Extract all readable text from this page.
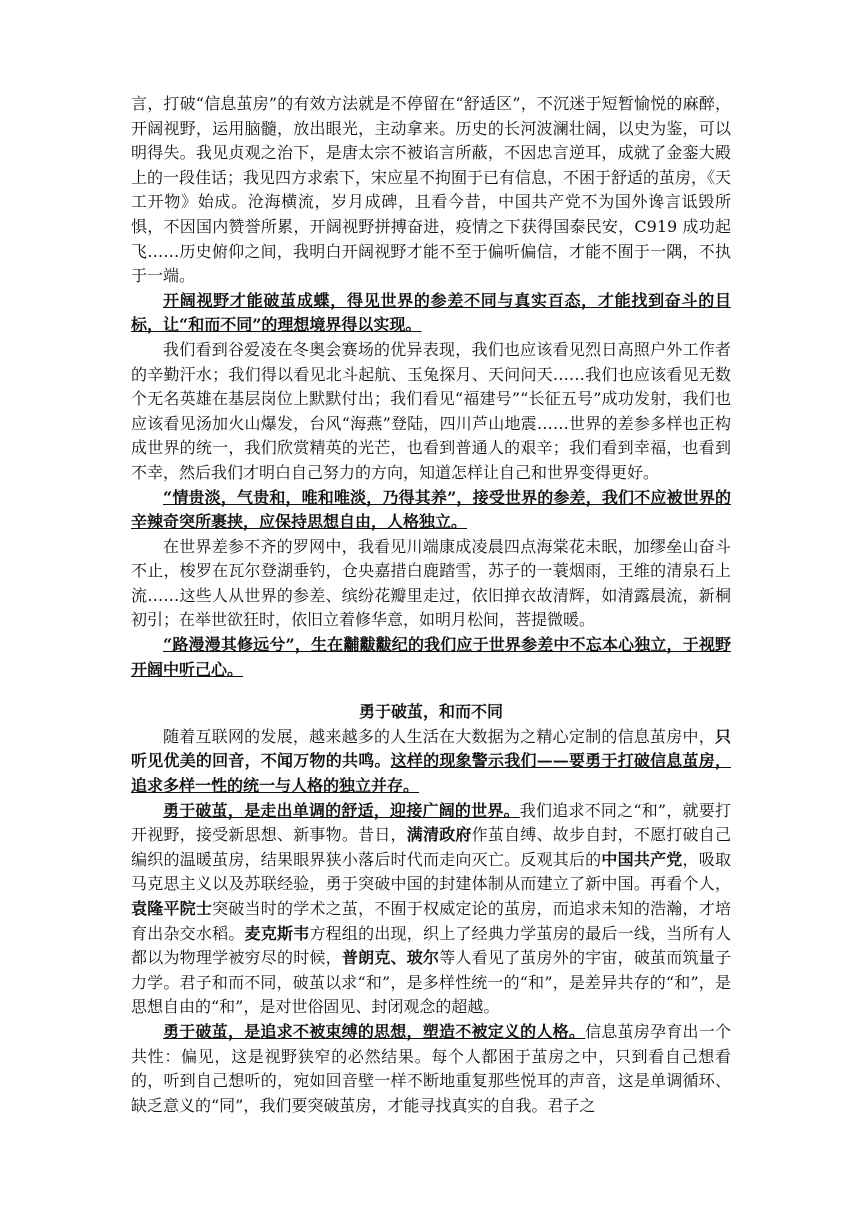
言，打破“信息茧房”的有效方法就是不停留在“舒适区”，不沉迷于短暂愉悦的麻醉，开阔视野，运用脑髓，放出眼光，主动拿来。历史的长河波澜壮阔，以史为鉴，可以明得失。我见贞观之治下，是唐太宗不被谄言所蔽，不因忠言逆耳，成就了金銮大殿上的一段佳话；我见四方求索下，宋应星不拘囿于已有信息，不困于舒适的茧房，《天工开物》始成。沧海横流，岁月成碑，且看今昔，中国共产党不为国外谗言诋毁所惧，不因国内赞誉所累，开阔视野拼搏奋进，疫情之下获得国泰民安，C919 成功起飞……历史俯仰之间，我明白开阔视野才能不至于偏听偏信，才能不囿于一隅，不执于一端。

开阔视野才能破茧成蝶，得见世界的参差不同与真实百态，才能找到奋斗的目标，让“和而不同”的理想境界得以实现。

我们看到谷爱凌在冬奥会赛场的优异表现，我们也应该看见烈日高照户外工作者的辛勤汗水；我们得以看见北斗起航、玉兔探月、天问问天……我们也应该看见无数个无名英雄在基层岗位上默默付出；我们看见“福建号”“长征五号”成功发射，我们也应该看见汤加火山爆发，台风“海燕”登陆，四川芦山地震……世界的差参多样也正构成世界的统一，我们欣赏精英的光芒，也看到普通人的艰辛；我们看到幸福，也看到不幸，然后我们才明白自己努力的方向，知道怎样让自己和世界变得更好。

“情贵淡，气贵和，唯和唯淡，乃得其养”，接受世界的参差，我们不应被世界的辛辣奇突所裹挟，应保持思想自由，人格独立。

在世界差参不齐的罗网中，我看见川端康成凌晨四点海棠花未眠，加缪垒山奋斗不止，梭罗在瓦尔登湖垂钓，仓央嘉措白鹿踏雪，苏子的一蓑烟雨，王维的清泉石上流……这些人从世界的参差、缤纷花瓣里走过，依旧掸衣故清辉，如清露晨流，新桐初引；在举世欲狂时，依旧立着修华意，如明月松间，菩提微暖。

“路漫漫其修远兮”，生在黼黻黻纪的我们应于世界参差中不忘本心独立，于视野开阔中听己心。

勇于破茧，和而不同

随着互联网的发展，越来越多的人生活在大数据为之精心定制的信息茧房中，只听见优美的回音，不闻万物的共鸣。这样的现象警示我们——要勇于打破信息茧房，追求多样一性的统一与人格的独立并存。

勇于破茧，是走出单调的舒适，迎接广阔的世界。我们追求不同之“和”，就要打开视野，接受新思想、新事物。昔日，满清政府作茧自缚、故步自封，不愿打破自己编织的温暖茧房，结果眼界狭小落后时代而走向灭亡。反观其后的中国共产党，吸取马克思主义以及苏联经验，勇于突破中国的封建体制从而建立了新中国。再看个人，袁隆平院士突破当时的学术之茧，不囿于权威定论的茧房，而追求未知的浩瀚，才培育出杂交水稻。麦克斯韦方程组的出现，织上了经典力学茧房的最后一线，当所有人都以为物理学被穷尽的时候，普朗克、玻尔等人看见了茧房外的宇宙，破茧而筑量子力学。君子和而不同，破茧以求“和”，是多样性统一的“和”，是差异共存的“和”，是思想自由的“和”，是对世俗固见、封闭观念的超越。

勇于破茧，是追求不被束缚的思想，塑造不被定义的人格。信息茧房孕育出一个共性：偏见，这是视野狭窄的必然结果。每个人都困于茧房之中，只到看自己想看的，听到自己想听的，宛如回音壁一样不断地重复那些悦耳的声音，这是单调循环、缺乏意义的“同”，我们要突破茧房，才能寻找真实的自我。君子之
